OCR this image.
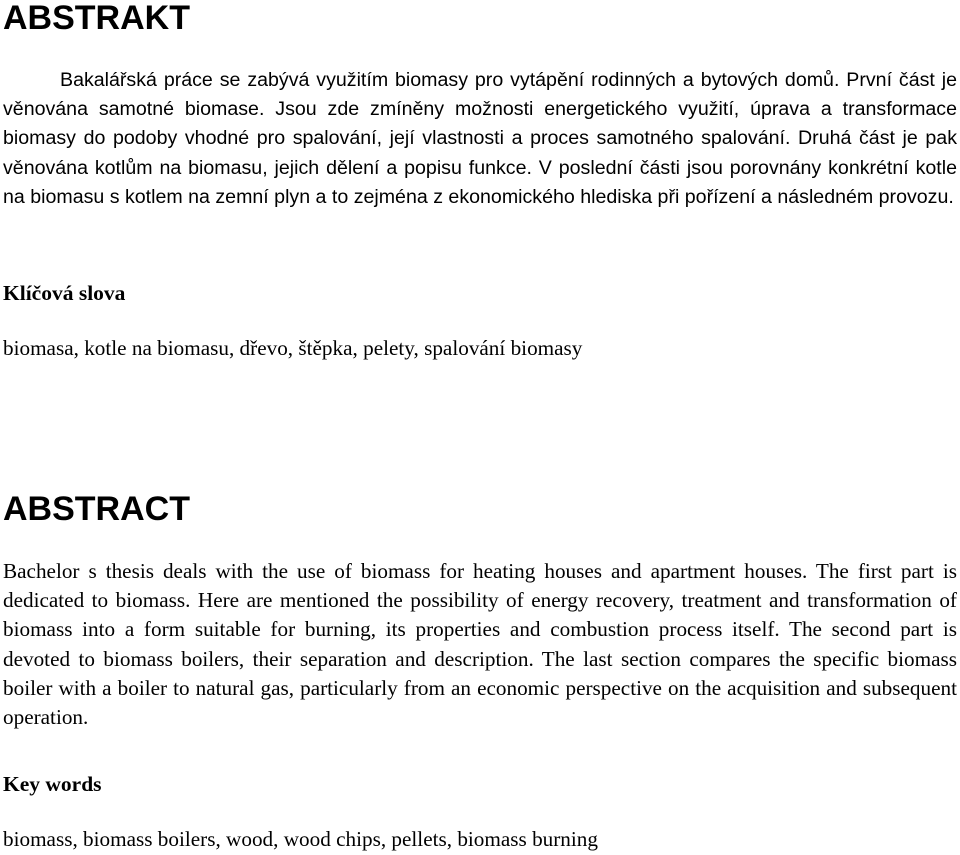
ABSTRAKT

Bakalářská práce se zabývá využitím biomasy pro vytápění rodinných a bytových domů. První část je věnována samotné biomase. Jsou zde zmíněny možnosti energetického využití, úprava a transformace biomasy do podoby vhodné pro spalování, její vlastnosti a proces samotného spalování. Druhá část je pak věnována kotlům na biomasu, jejich dělení a popisu funkce. V poslední části jsou porovnány konkrétní kotle na biomasu s kotlem na zemní plyn a to zejména z ekonomického hlediska při pořízení a následném provozu.

Klíčová slova

biomasa, kotle na biomasu, dřevo, štěpka, pelety, spalování biomasy

ABSTRACT

Bachelor s thesis deals with the use of biomass for heating houses and apartment houses. The first part is dedicated to biomass. Here are mentioned the possibility of energy recovery, treatment and transformation of biomass into a form suitable for burning, its properties and combustion process itself. The second part is devoted to biomass boilers, their separation and description. The last section compares the specific biomass boiler with a boiler to natural gas, particularly from an economic perspective on the acquisition and subsequent operation.

Key words

biomass, biomass boilers, wood, wood chips, pellets, biomass burning
